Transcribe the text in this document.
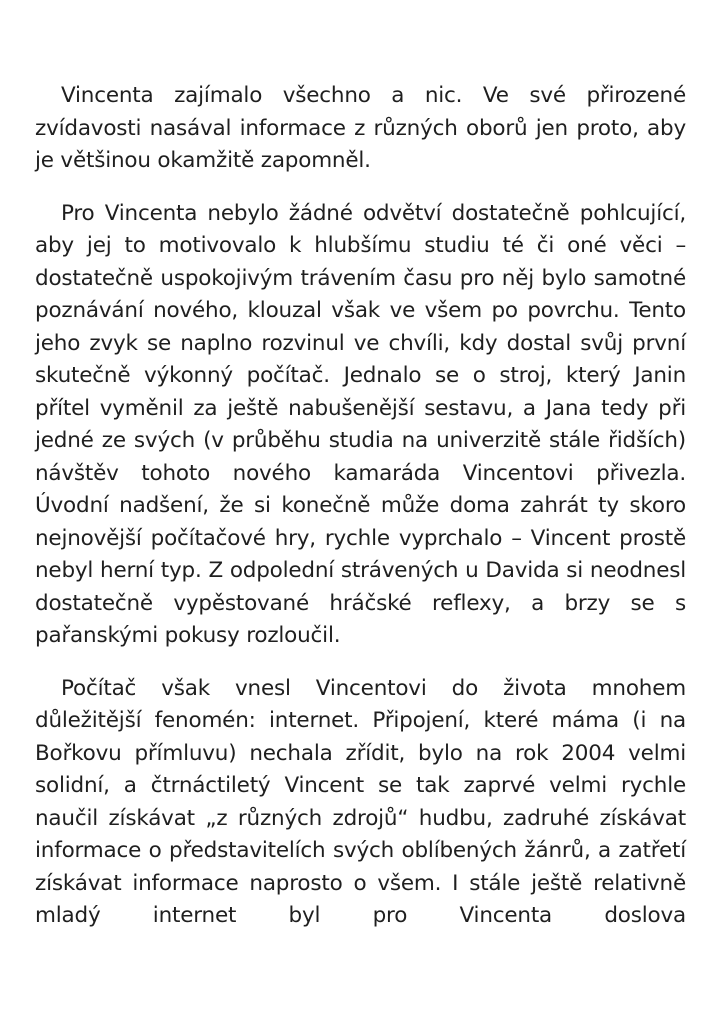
Vincenta zajímalo všechno a nic. Ve své přirozené zvídavosti nasával informace z různých oborů jen proto, aby je většinou okamžitě zapomněl.

Pro Vincenta nebylo žádné odvětví dostatečně pohlcující, aby jej to motivovalo k hlubšímu studiu té či oné věci – dostatečně uspokojivým trávením času pro něj bylo samotné poznávání nového, klouzal však ve všem po povrchu. Tento jeho zvyk se naplno rozvinul ve chvíli, kdy dostal svůj první skutečně výkonný počítač. Jednalo se o stroj, který Janin přítel vyměnil za ještě nabušenější sestavu, a Jana tedy při jedné ze svých (v průběhu studia na univerzitě stále řidších) návštěv tohoto nového kamaráda Vincentovi přivezla. Úvodní nadšení, že si konečně může doma zahrát ty skoro nejnovější počítačové hry, rychle vyprchalo – Vincent prostě nebyl herní typ. Z odpolední strávených u Davida si neodnesl dostatečně vypěstované hráčské reflexy, a brzy se s pařanskými pokusy rozloučil.

Počítač však vnesl Vincentovi do života mnohem důležitější fenomén: internet. Připojení, které máma (i na Bořkovu přímluvu) nechala zřídit, bylo na rok 2004 velmi solidní, a čtrnáctiletý Vincent se tak zaprvé velmi rychle naučil získávat „z různých zdrojů“ hudbu, zadruhé získávat informace o představitelích svých oblíbených žánrů, a zatřetí získávat informace naprosto o všem. I stále ještě relativně mladý internet byl pro Vincenta doslova
